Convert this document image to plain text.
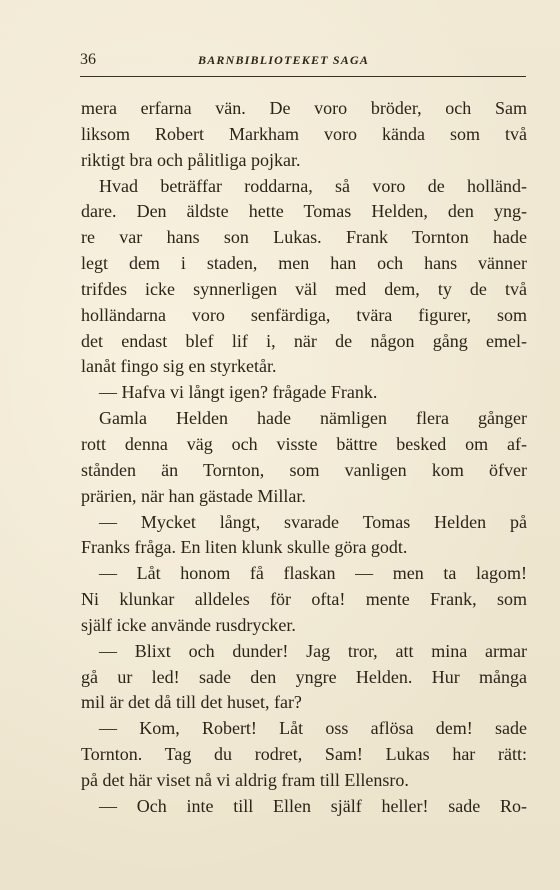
36	BARNBIBLIOTEKET SAGA
mera erfarna vän. De voro bröder, och Sam
liksom Robert Markham voro kända som två
riktigt bra och pålitliga pojkar.
Hvad beträffar roddarna, så voro de holländ-
dare. Den äldste hette Tomas Helden, den yng-
re var hans son Lukas. Frank Tornton hade
legt dem i staden, men han och hans vänner
trifdes icke synnerligen väl med dem, ty de två
holländarna voro senfärdiga, tvära figurer, som
det endast blef lif i, när de någon gång emel-
lanåt fingo sig en styrketår.
— Hafva vi långt igen? frågade Frank.
Gamla Helden hade nämligen flera gånger
rott denna väg och visste bättre besked om af-
stånden än Tornton, som vanligen kom öfver
prärien, när han gästade Millar.
— Mycket långt, svarade Tomas Helden på
Franks fråga. En liten klunk skulle göra godt.
— Låt honom få flaskan — men ta lagom!
Ni klunkar alldeles för ofta! mente Frank, som
själf icke använde rusdrycker.
— Blixt och dunder! Jag tror, att mina armar
gå ur led! sade den yngre Helden. Hur många
mil är det då till det huset, far?
— Kom, Robert! Låt oss aflösa dem! sade
Tornton. Tag du rodret, Sam! Lukas har rätt:
på det här viset nå vi aldrig fram till Ellensro.
— Och inte till Ellen själf heller! sade Ro-
